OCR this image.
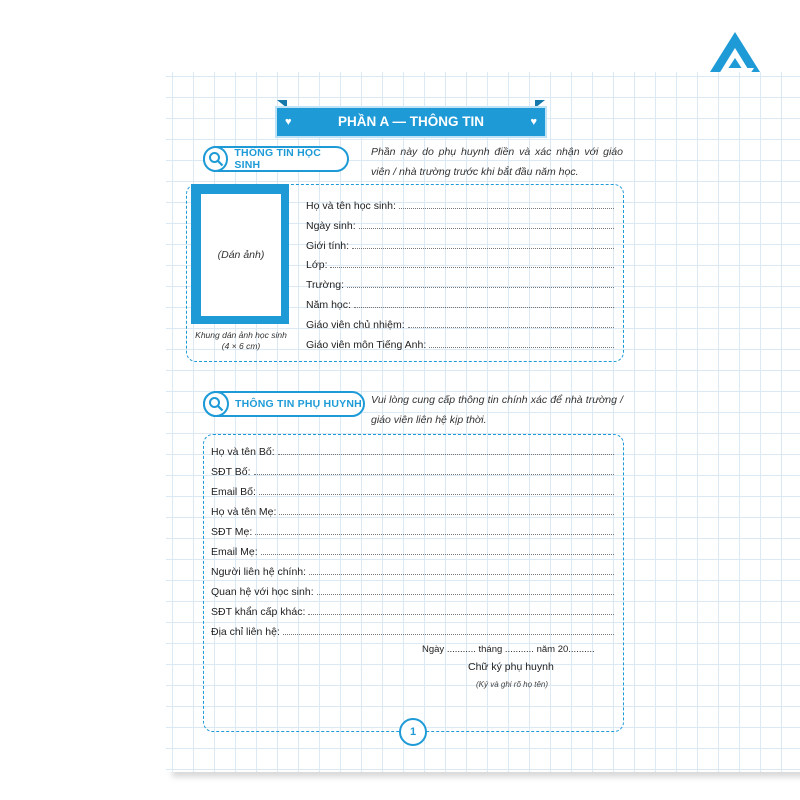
♥	PHẦN A — THÔNG TIN	♥
THÔNG TIN HỌC SINH
Phần này do phụ huynh điền và xác nhận với giáo viên / nhà trường trước khi bắt đầu năm học.
(Dán ảnh)
Khung dán ảnh học sinh (4 × 6 cm)
Họ và tên học sinh:
Ngày sinh:
Giới tính:
Lớp:
Trường:
Năm học:
Giáo viên chủ nhiệm:
Giáo viên môn Tiếng Anh:
THÔNG TIN PHỤ HUYNH Vui lòng cung cấp thông tin chính xác để nhà trường / giáo viên liên hệ kịp thời.
Họ và tên Bố:
SĐT Bố:
Email Bố:
Họ và tên Mẹ:
SĐT Mẹ:
Email Mẹ:
Người liên hệ chính:
Quan hệ với học sinh:
SĐT khẩn cấp khác:
Địa chỉ liên hệ:
Ngày ........... tháng ........... năm 20..........
Chữ ký phụ huynh
(Ký và ghi rõ họ tên)
1
